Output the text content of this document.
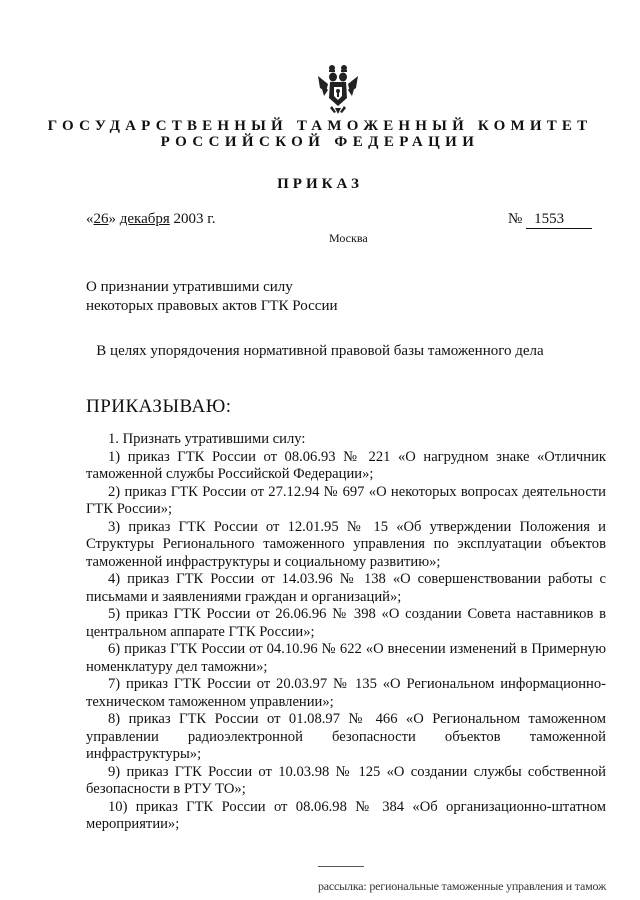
ГОСУДАРСТВЕННЫЙ ТАМОЖЕННЫЙ КОМИТЕТ
РОССИЙСКОЙ ФЕДЕРАЦИИ
ПРИКАЗ
«26» декабря 2003 г.	№ 1553
Москва
О признании утратившими силу
некоторых правовых актов ГТК России
В целях упорядочения нормативной правовой базы таможенного дела
ПРИКАЗЫВАЮ:

1. Признать утратившими силу:

1) приказ ГТК России от 08.06.93 № 221 «О нагрудном знаке «Отличник таможенной службы Российской Федерации»;

2) приказ ГТК России от 27.12.94 № 697 «О некоторых вопросах деятельности ГТК России»;

3) приказ ГТК России от 12.01.95 № 15 «Об утверждении Положения и Структуры Регионального таможенного управления по эксплуатации объектов таможенной инфраструктуры и социальному развитию»;

4) приказ ГТК России от 14.03.96 № 138 «О совершенствовании работы с письмами и заявлениями граждан и организаций»;

5) приказ ГТК России от 26.06.96 № 398 «О создании Совета наставников в центральном аппарате ГТК России»;

6) приказ ГТК России от 04.10.96 № 622 «О внесении изменений в Примерную номенклатуру дел таможни»;

7) приказ ГТК России от 20.03.97 № 135 «О Региональном информационно-техническом таможенном управлении»;

8) приказ ГТК России от 01.08.97 № 466 «О Региональном таможенном управлении радиоэлектронной безопасности объектов таможенной инфраструктуры»;

9) приказ ГТК России от 10.03.98 № 125 «О создании службы собственной безопасности в РТУ ТО»;

10) приказ ГТК России от 08.06.98 № 384 «Об организационно-штатном мероприятии»;

рассылка: региональные таможенные управления и тамож
